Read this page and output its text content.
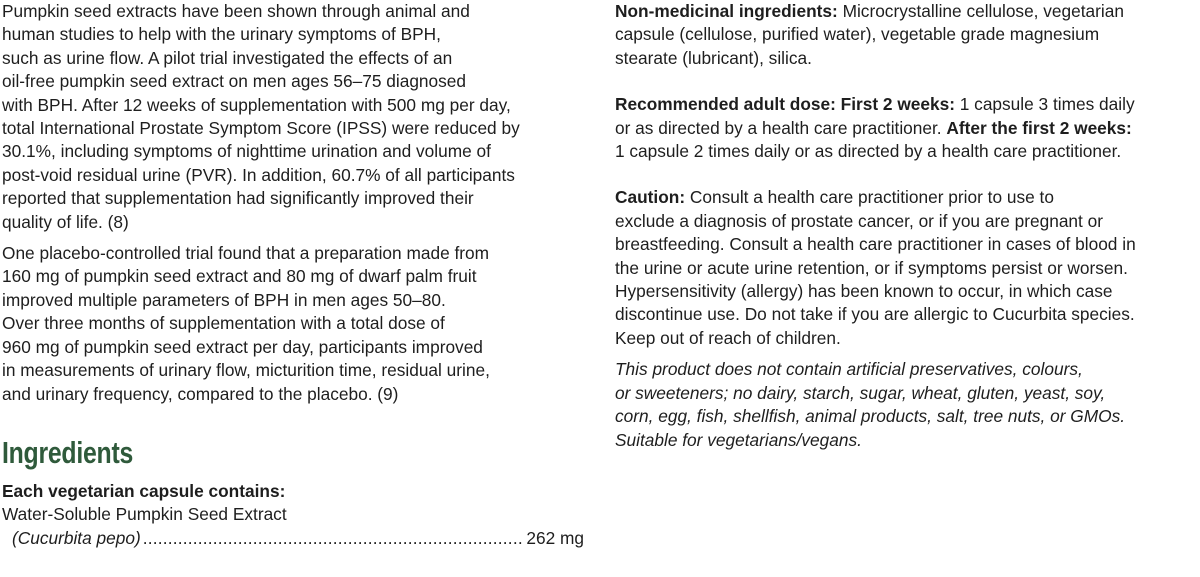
Pumpkin seed extracts have been shown through animal and

human studies to help with the urinary symptoms of BPH,

such as urine flow. A pilot trial investigated the effects of an

oil-free pumpkin seed extract on men ages 56–75 diagnosed

with BPH. After 12 weeks of supplementation with 500 mg per day,

total International Prostate Symptom Score (IPSS) were reduced by

30.1%, including symptoms of nighttime urination and volume of

post-void residual urine (PVR). In addition, 60.7% of all participants

reported that supplementation had significantly improved their

quality of life. (8)

One placebo-controlled trial found that a preparation made from

160 mg of pumpkin seed extract and 80 mg of dwarf palm fruit

improved multiple parameters of BPH in men ages 50–80.

Over three months of supplementation with a total dose of

960 mg of pumpkin seed extract per day, participants improved

in measurements of urinary flow, micturition time, residual urine,

and urinary frequency, compared to the placebo. (9)

Ingredients

Each vegetarian capsule contains:

Water-Soluble Pumpkin Seed Extract

(Cucurbita pepo)
.....	262 mg

Non-medicinal ingredients: Microcrystalline cellulose, vegetarian

capsule (cellulose, purified water), vegetable grade magnesium

stearate (lubricant), silica.

Recommended adult dose: First 2 weeks: 1 capsule 3 times daily

or as directed by a health care practitioner. After the first 2 weeks:

1 capsule 2 times daily or as directed by a health care practitioner.

Caution: Consult a health care practitioner prior to use to

exclude a diagnosis of prostate cancer, or if you are pregnant or

breastfeeding. Consult a health care practitioner in cases of blood in

the urine or acute urine retention, or if symptoms persist or worsen.

Hypersensitivity (allergy) has been known to occur, in which case

discontinue use. Do not take if you are allergic to Cucurbita species.

Keep out of reach of children.

This product does not contain artificial preservatives, colours,

or sweeteners; no dairy, starch, sugar, wheat, gluten, yeast, soy,

corn, egg, fish, shellfish, animal products, salt, tree nuts, or GMOs.

Suitable for vegetarians/vegans.
